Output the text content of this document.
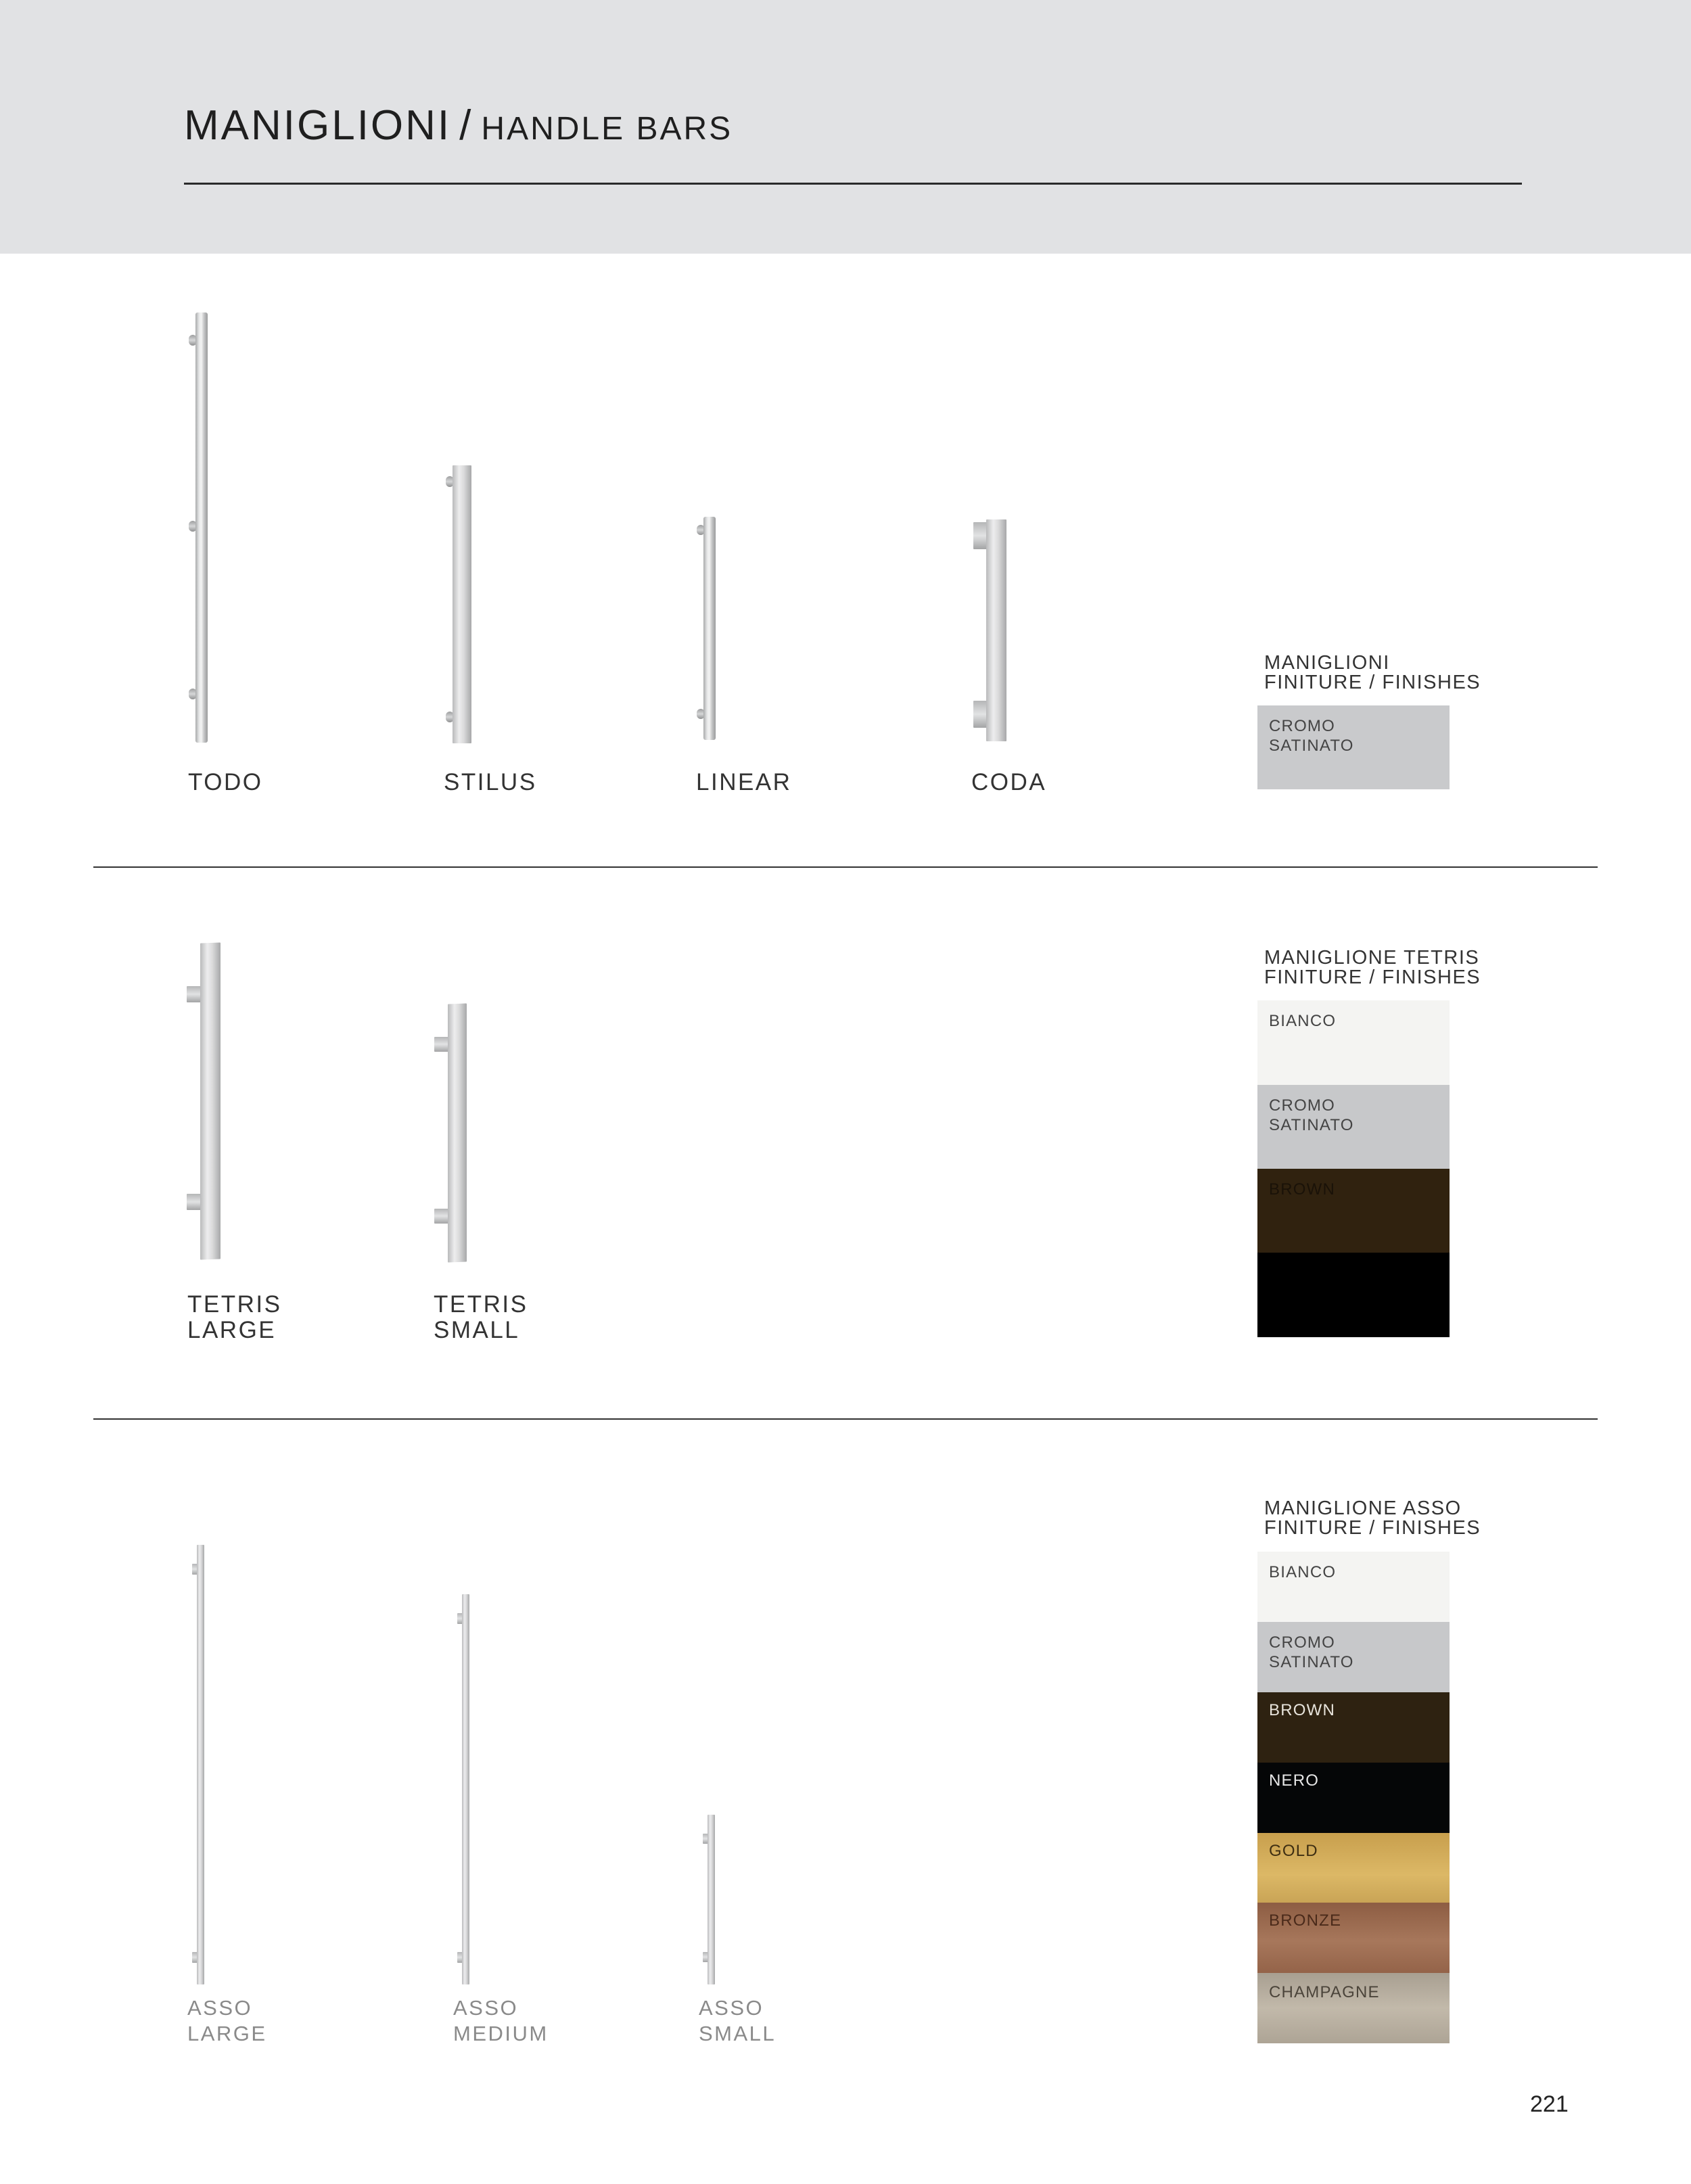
MANIGLIONI / HANDLE BARS
TODO	STILUS	LINEAR	CODA
MANIGLIONI
FINITURE / FINISHES
CROMO
SATINATO
TETRIS
LARGE
TETRIS
SMALL
MANIGLIONE TETRIS
FINITURE / FINISHES
BIANCO
CROMO
SATINATO
BROWN
ASSO
LARGE
ASSO
MEDIUM
ASSO
SMALL
MANIGLIONE ASSO
FINITURE / FINISHES
BIANCO
CROMO
SATINATO
BROWN
NERO
GOLD
BRONZE
CHAMPAGNE
221
